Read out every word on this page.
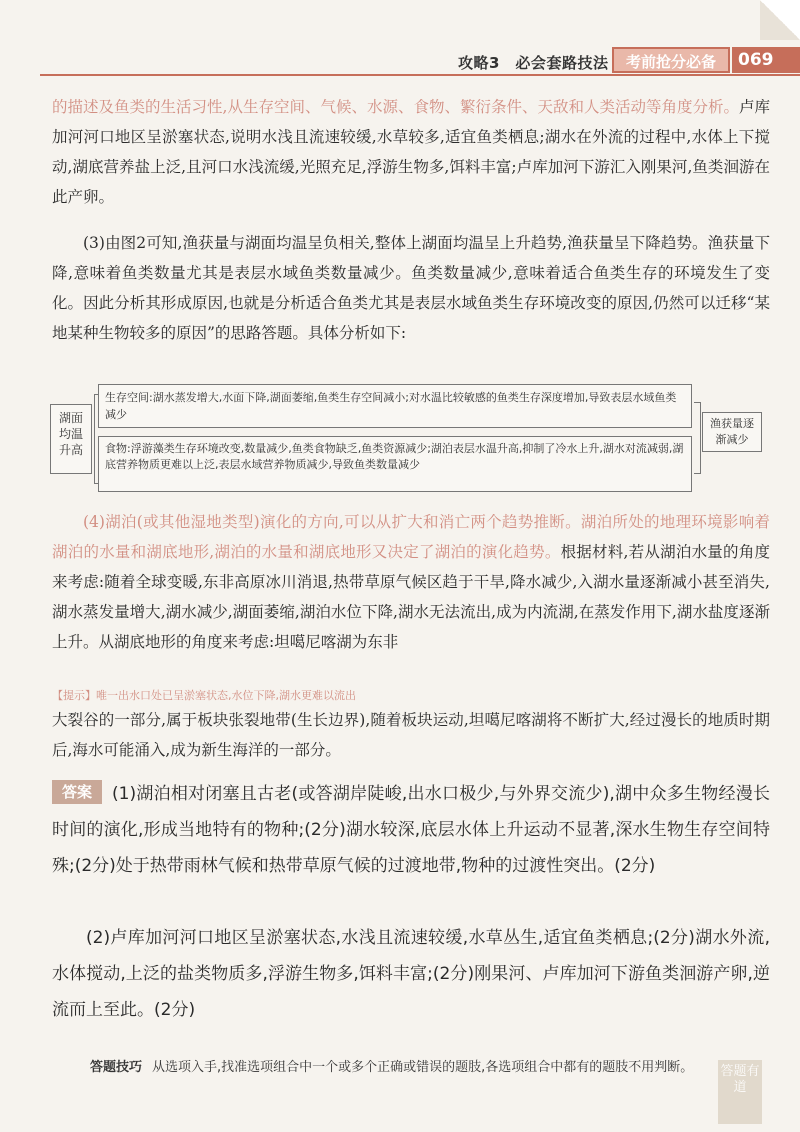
攻略3　必会套路技法	考前抢分必备	069
的描述及鱼类的生活习性,从生存空间、气候、水源、食物、繁衍条件、天敌和人类活动等角度分析。卢库加河河口地区呈淤塞状态,说明水浅且流速较缓,水草较多,适宜鱼类栖息;湖水在外流的过程中,水体上下搅动,湖底营养盐上泛,且河口水浅流缓,光照充足,浮游生物多,饵料丰富;卢库加河下游汇入刚果河,鱼类洄游在此产卵。
(3)由图2可知,渔获量与湖面均温呈负相关,整体上湖面均温呈上升趋势,渔获量呈下降趋势。渔获量下降,意味着鱼类数量尤其是表层水域鱼类数量减少。鱼类数量减少,意味着适合鱼类生存的环境发生了变化。因此分析其形成原因,也就是分析适合鱼类尤其是表层水域鱼类生存环境改变的原因,仍然可以迁移“某地某种生物较多的原因”的思路答题。具体分析如下:
湖面均温升高
生存空间:湖水蒸发增大,水面下降,湖面萎缩,鱼类生存空间减小;对水温比较敏感的鱼类生存深度增加,导致表层水域鱼类减少
食物:浮游藻类生存环境改变,数量减少,鱼类食物缺乏,鱼类资源减少;湖泊表层水温升高,抑制了冷水上升,湖水对流减弱,湖底营养物质更难以上泛,表层水域营养物质减少,导致鱼类数量减少
渔获量逐渐减少
(4)湖泊(或其他湿地类型)演化的方向,可以从扩大和消亡两个趋势推断。湖泊所处的地理环境影响着湖泊的水量和湖底地形,湖泊的水量和湖底地形又决定了湖泊的演化趋势。根据材料,若从湖泊水量的角度来考虑:随着全球变暖,东非高原冰川消退,热带草原气候区趋于干旱,降水减少,入湖水量逐渐减小甚至消失,湖水蒸发量增大,湖水减少,湖面萎缩,湖泊水位下降,湖水无法流出,成为内流湖,在蒸发作用下,湖水盐度逐渐上升。从湖底地形的角度来考虑:坦噶尼喀湖为东非
【提示】唯一出水口处已呈淤塞状态,水位下降,湖水更难以流出
大裂谷的一部分,属于板块张裂地带(生长边界),随着板块运动,坦噶尼喀湖将不断扩大,经过漫长的地质时期后,海水可能涌入,成为新生海洋的一部分。
答案 (1)湖泊相对闭塞且古老(或答湖岸陡峻,出水口极少,与外界交流少),湖中众多生物经漫长时间的演化,形成当地特有的物种;(2分)湖水较深,底层水体上升运动不显著,深水生物生存空间特殊;(2分)处于热带雨林气候和热带草原气候的过渡地带,物种的过渡性突出。(2分)
(2)卢库加河河口地区呈淤塞状态,水浅且流速较缓,水草丛生,适宜鱼类栖息;(2分)湖水外流,水体搅动,上泛的盐类物质多,浮游生物多,饵料丰富;(2分)刚果河、卢库加河下游鱼类洄游产卵,逆流而上至此。(2分)
答题技巧 从选项入手,找准选项组合中一个或多个正确或错误的题肢,各选项组合中都有的题肢不用判断。	答题有道
